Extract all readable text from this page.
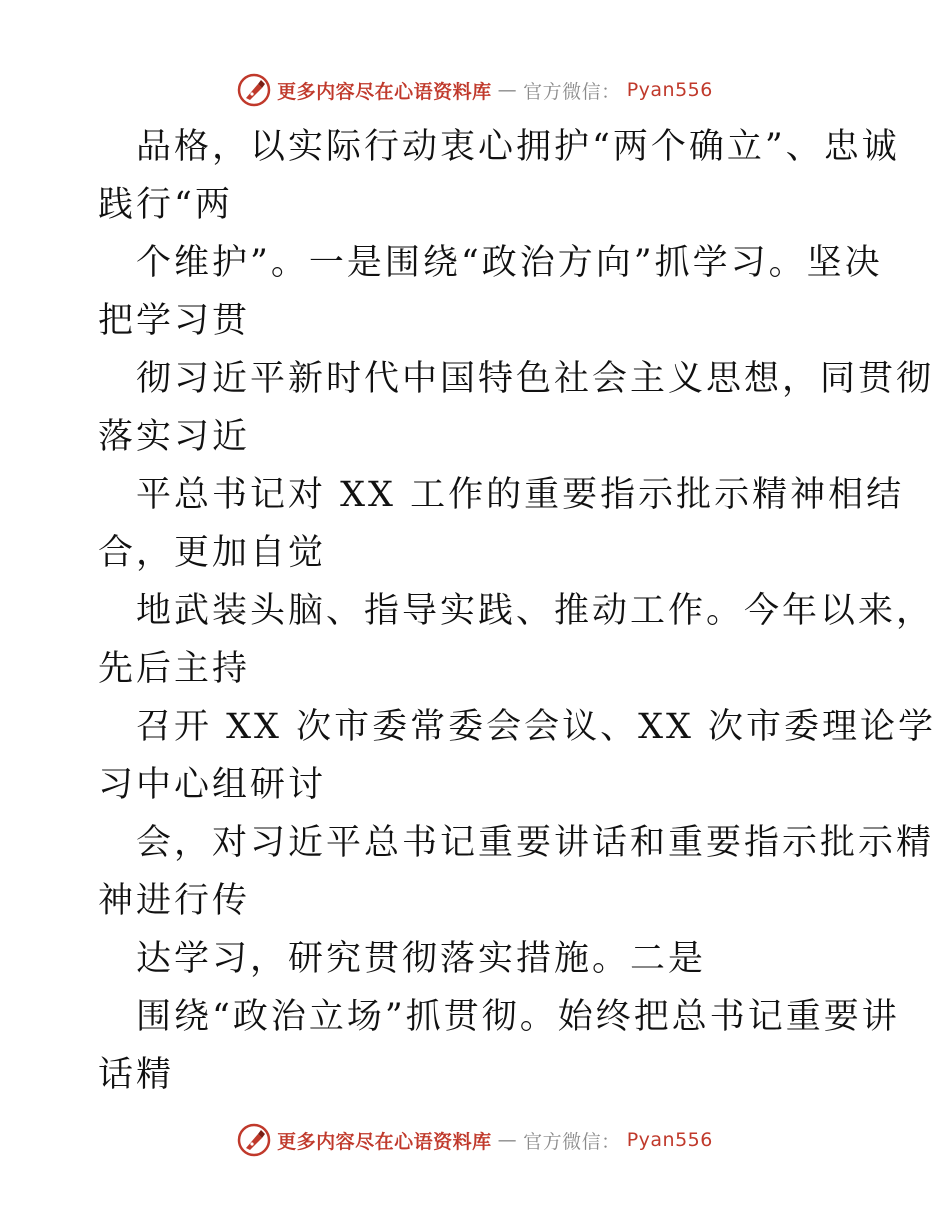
更多内容尽在心语资料库 — 官方微信： Pyan556

品格，以实际行动衷心拥护“两个确立”、忠诚
践行“两

个维护”。一是围绕“政治方向”抓学习。坚决
把学习贯

彻习近平新时代中国特色社会主义思想，同贯彻
落实习近

平总书记对 XX 工作的重要指示批示精神相结
合，更加自觉

地武装头脑、指导实践、推动工作。今年以来，
先后主持

召开 XX 次市委常委会会议、XX 次市委理论学
习中心组研讨

会，对习近平总书记重要讲话和重要指示批示精
神进行传

达学习，研究贯彻落实措施。二是

围绕“政治立场”抓贯彻。始终把总书记重要讲
话精

更多内容尽在心语资料库 — 官方微信： Pyan556
